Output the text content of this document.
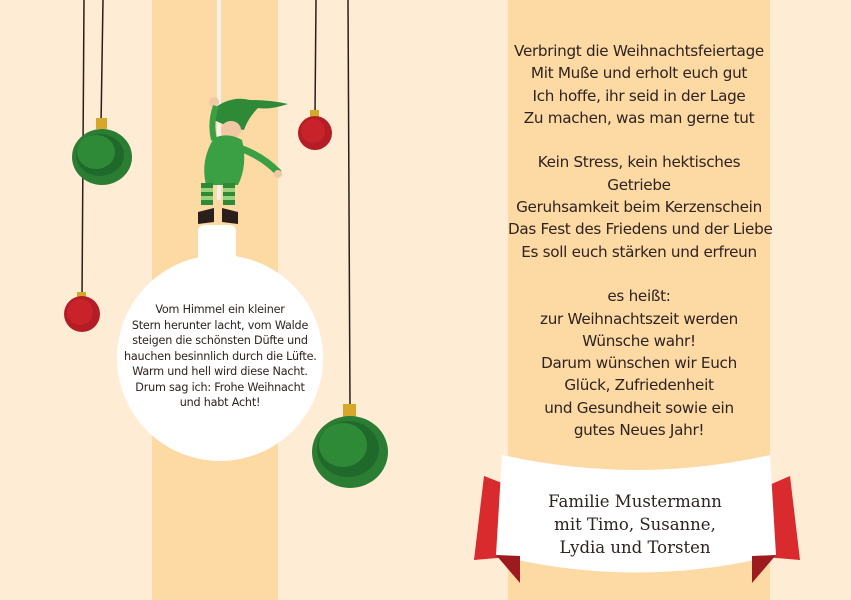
Vom Himmel ein kleiner

Stern herunter lacht, vom Walde

steigen die schönsten Düfte und

hauchen besinnlich durch die Lüfte.

Warm und hell wird diese Nacht.

Drum sag ich: Frohe Weihnacht

und habt Acht!

Verbringt die Weihnachtsfeiertage

Mit Muße und erholt euch gut

Ich hoffe, ihr seid in der Lage

Zu machen, was man gerne tut

Kein Stress, kein hektisches

Getriebe

Geruhsamkeit beim Kerzenschein

Das Fest des Friedens und der Liebe

Es soll euch stärken und erfreun

es heißt:

zur Weihnachtszeit werden

Wünsche wahr!

Darum wünschen wir Euch

Glück, Zufriedenheit

und Gesundheit sowie ein

gutes Neues Jahr!

Familie Mustermann

mit Timo, Susanne,

Lydia und Torsten
